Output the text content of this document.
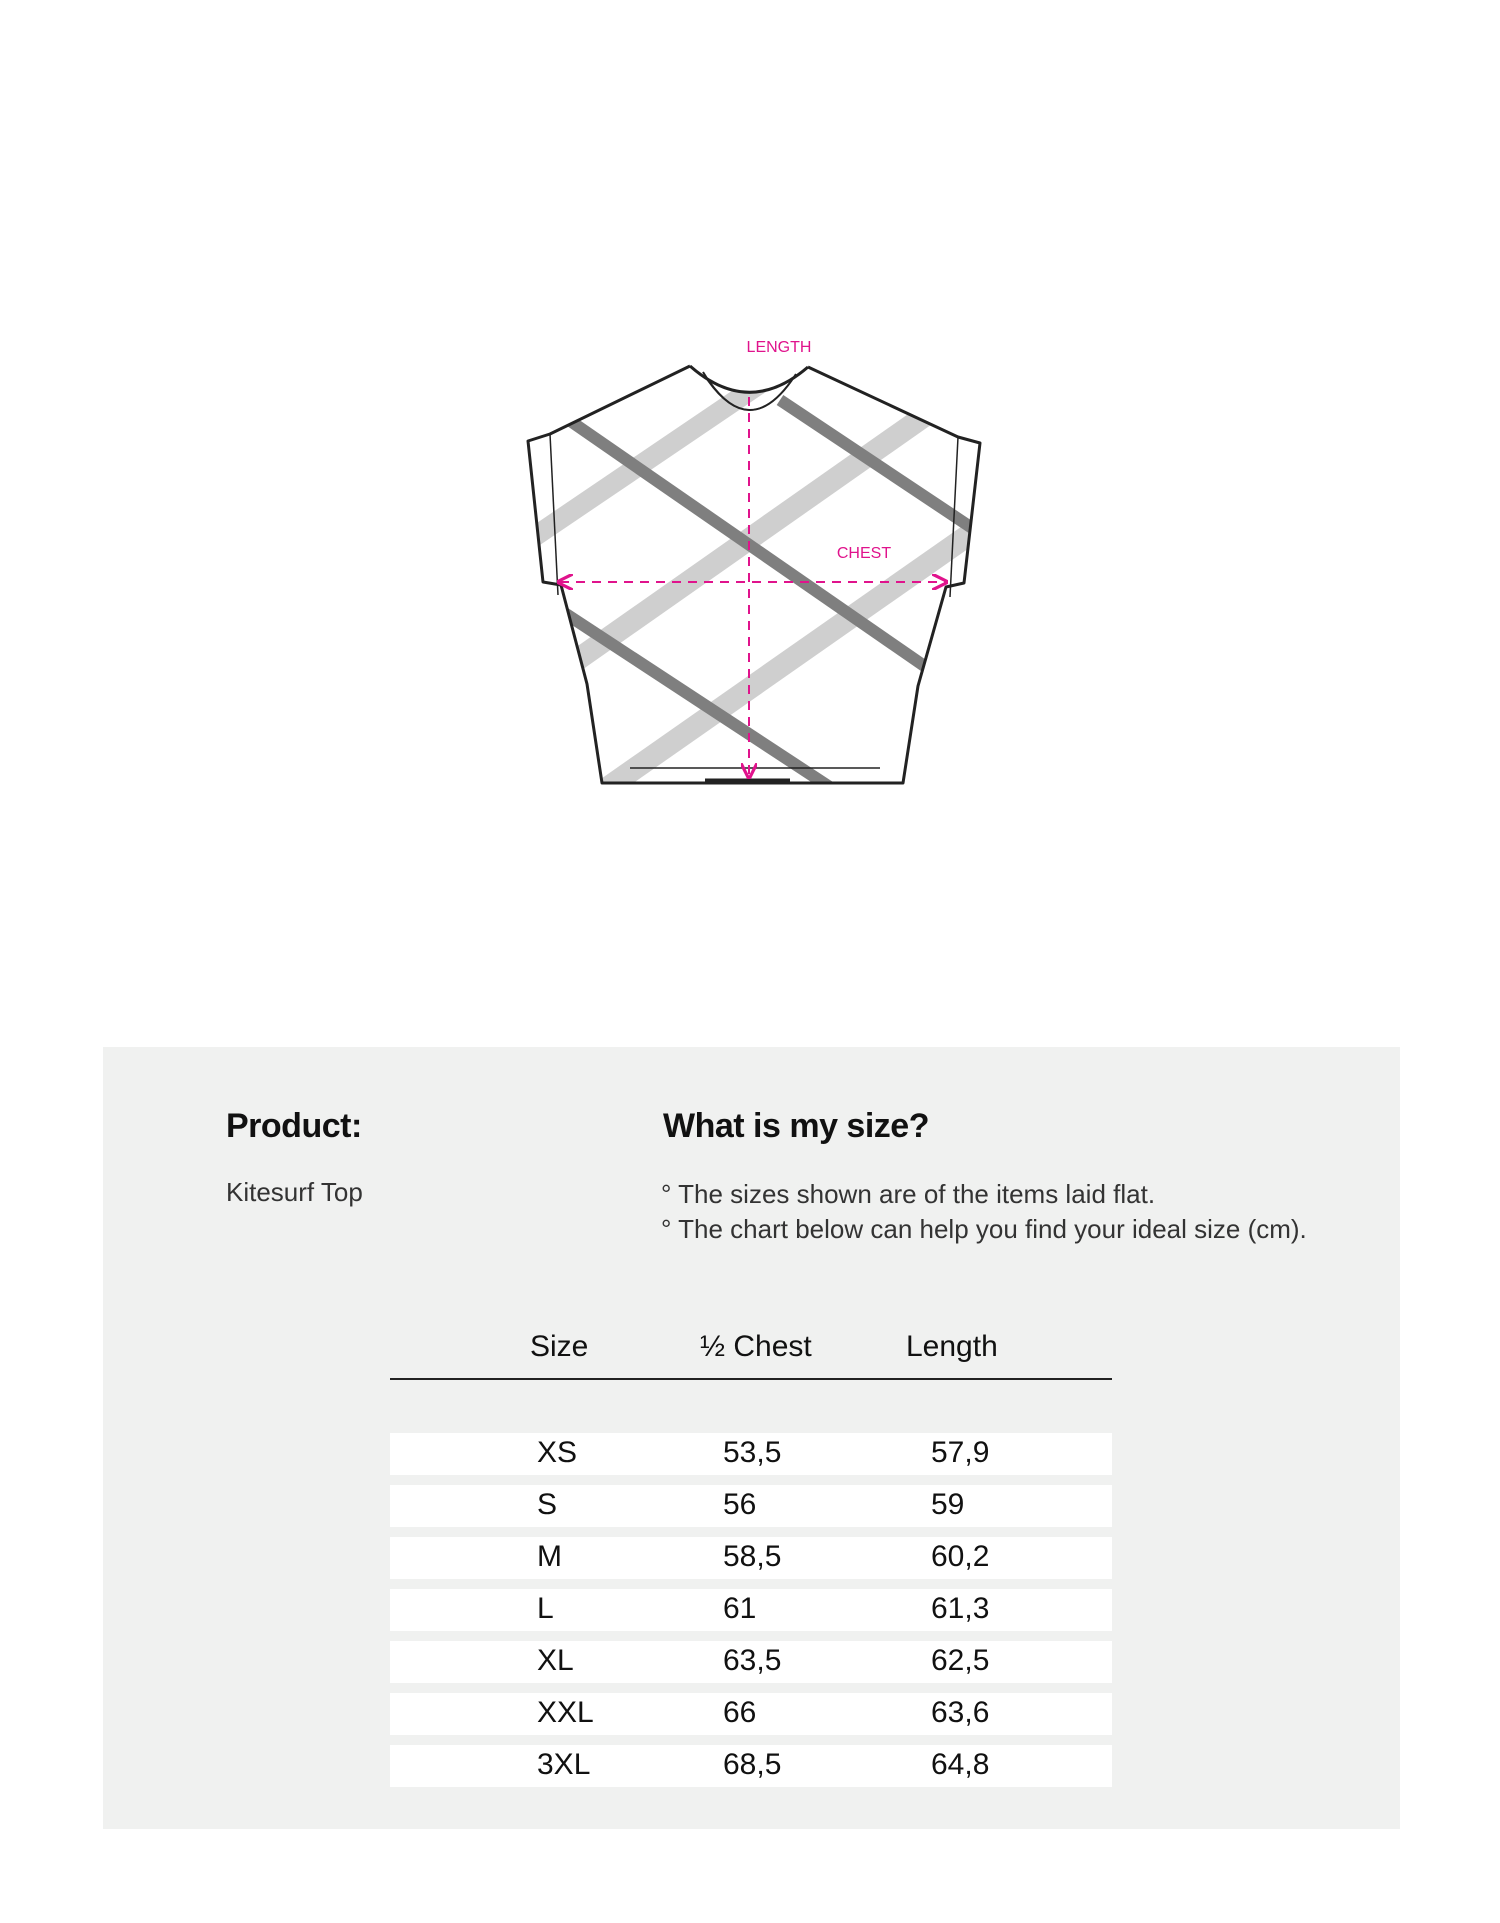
LENGTH
CHEST
Product:
Kitesurf Top
What is my size?
° The sizes shown are of the items laid flat.
° The chart below can help you find your ideal size (cm).
Size	½ Chest	Length
XS	53,5	57,9
S	56	59
M	58,5	60,2
L	61	61,3
XL	63,5	62,5
XXL	66	63,6
3XL	68,5	64,8
